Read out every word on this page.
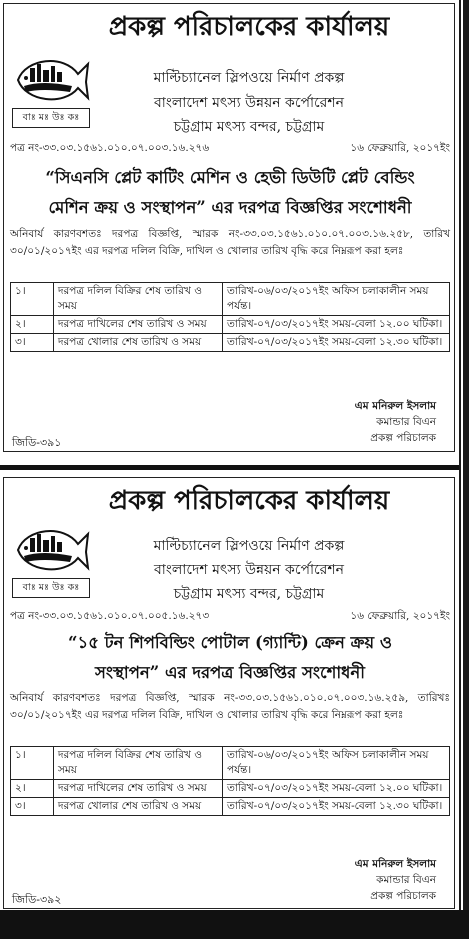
প্রকল্প পরিচালকের কার্যালয়
বাঃ মঃ উঃ কঃ
মাল্টিচ্যানেল স্লিপওয়ে নির্মাণ প্রকল্প
বাংলাদেশ মৎস্য উন্নয়ন কর্পোরেশন
চট্টগ্রাম মৎস্য বন্দর, চট্টগ্রাম
পত্র নং-৩৩.০৩.১৫৬১.০১০.০৭.০০৩.১৬.২৭৬	১৬ ফেব্রুয়ারি, ২০১৭ইং
“সিএনসি প্লেট কাটিং মেশিন ও হেভী ডিউটি প্লেট বেন্ডিং
মেশিন ক্রয় ও সংস্থাপন” এর দরপত্র বিজ্ঞপ্তির সংশোধনী
অনিবার্য কারণবশতঃ দরপত্র বিজ্ঞপ্তি, স্মারক নং-৩৩.০৩.১৫৬১.০১০.০৭.০০৩.১৬.২৫৮, তারিখ ৩০/০১/২০১৭ইং এর দরপত্র দলিল বিক্রি, দাখিল ও খোলার তারিখ বৃদ্ধি করে নিম্নরূপ করা হলঃ
১।	দরপত্র দলিল বিক্রির শেষ তারিখ ও সময়	তারিখ-০৬/০৩/২০১৭ইং অফিস চলাকালীন সময় পর্যন্ত।
২।	দরপত্র দাখিলের শেষ তারিখ ও সময়	তারিখ-০৭/০৩/২০১৭ইং সময়-বেলা ১২.০০ ঘটিকা।
৩।	দরপত্র খোলার শেষ তারিখ ও সময়	তারিখ-০৭/০৩/২০১৭ইং সময়-বেলা ১২.৩০ ঘটিকা।
এম মনিরুল ইসলাম
কমান্ডার বিএন
প্রকল্প পরিচালক
জিডি-৩৯১
প্রকল্প পরিচালকের কার্যালয়
বাঃ মঃ উঃ কঃ
মাল্টিচ্যানেল স্লিপওয়ে নির্মাণ প্রকল্প
বাংলাদেশ মৎস্য উন্নয়ন কর্পোরেশন
চট্টগ্রাম মৎস্য বন্দর, চট্টগ্রাম
পত্র নং-৩৩.০৩.১৫৬১.০১০.০৭.০০৫.১৬.২৭৩	১৬ ফেব্রুয়ারি, ২০১৭ইং
“১৫ টন শিপবিল্ডিং পোটাল (গ্যান্টি) ক্রেন ক্রয় ও
সংস্থাপন” এর দরপত্র বিজ্ঞপ্তির সংশোধনী
অনিবার্য কারণবশতঃ দরপত্র বিজ্ঞপ্তি, স্মারক নং-৩৩.০৩.১৫৬১.০১০.০৭.০০৩.১৬.২৫৯, তারিখঃ ৩০/০১/২০১৭ইং এর দরপত্র দলিল বিক্রি, দাখিল ও খোলার তারিখ বৃদ্ধি করে নিম্নরূপ করা হলঃ
১।	দরপত্র দলিল বিক্রির শেষ তারিখ ও সময়	তারিখ-০৬/০৩/২০১৭ইং অফিস চলাকালীন সময় পর্যন্ত।
২।	দরপত্র দাখিলের শেষ তারিখ ও সময়	তারিখ-০৭/০৩/২০১৭ইং সময়-বেলা ১২.০০ ঘটিকা।
৩।	দরপত্র খোলার শেষ তারিখ ও সময়	তারিখ-০৭/০৩/২০১৭ইং সময়-বেলা ১২.৩০ ঘটিকা।
এম মনিরুল ইসলাম
কমান্ডার বিএন
প্রকল্প পরিচালক
জিডি-৩৯২
